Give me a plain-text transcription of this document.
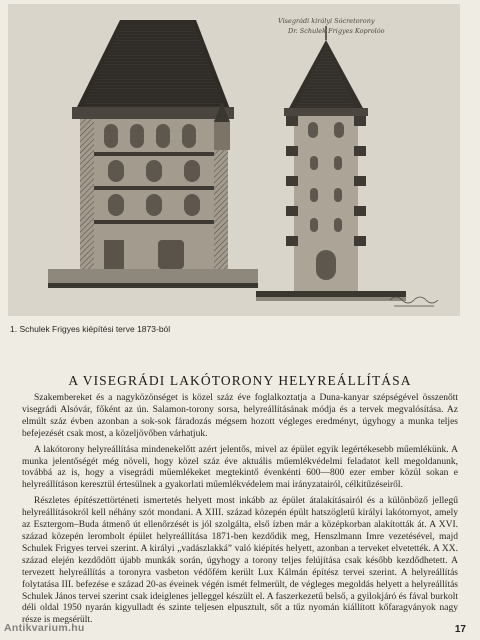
Visegrádi királyi Sócretorony
Dr. Schulek Frigyes Koprolóo
1. Schulek Frigyes kiépítési terve 1873-ból
A VISEGRÁDI LAKÓTORONY HELYREÁLLÍTÁSA

Szakembereket és a nagyközönséget is közel száz éve foglalkoztatja a Duna-kanyar szépségével összenőtt visegrádi Alsóvár, főként az ún. Salamon-torony sorsa, helyreállításának módja és a tervek megvalósítása. Az elmúlt száz évben azonban a sok-sok fáradozás mégsem hozott végleges eredményt, úgyhogy a munka teljes befejezését csak most, a közeljövőben várhatjuk.

A lakótorony helyreállítása mindenekelőtt azért jelentős, mivel az épület egyik legértékesebb műemlékünk. A munka jelentőségét még növeli, hogy közel száz éve aktuális műemlékvédelmi feladatot kell megoldanunk, továbbá az is, hogy a visegrádi műemlékeket megtekintő évenkénti 600—800 ezer ember közül sokan e helyreállításon keresztül értesülnek a gyakorlati műemlékvédelem mai irányzatairól, célkitűzéseiről.

Részletes építészettörténeti ismertetés helyett most inkább az épület átalakításairól és a különböző jellegű helyreállításokról kell néhány szót mondani. A XIII. század közepén épült hatszögletű királyi lakótornyot, amely az Esztergom–Buda átmenő út ellenőrzését is jól szolgálta, első ízben már a középkorban alakították át. A XVI. század közepén lerombolt épület helyreállítása 1871-ben kezdődik meg, Henszlmann Imre vezetésével, majd Schulek Frigyes tervei szerint. A királyi „vadászlakká” való kiépítés helyett, azonban a terveket elvetették. A XX. század elején kezdődött újabb munkák során, úgyhogy a torony teljes felújítása csak később kezdődhetett. A tervezett helyreállítás a toronyra vasbeton védőfém került Lux Kálmán építész tervei szerint. A helyreállítás folytatása III. befezése e század 20-as éveinek végén ismét felmerült, de végleges megoldás helyett a helyreállítás Schulek János tervei szerint csak ideiglenes jelleggel készült el. A faszerkezetű belső, a gyilokjáró és fával burkolt déli oldal 1950 nyarán kigyulladt és szinte teljesen elpusztult, sőt a tűz nyomán kiállított kőfaragványok nagy része is megsérült.

Antikvarium.hu	17
